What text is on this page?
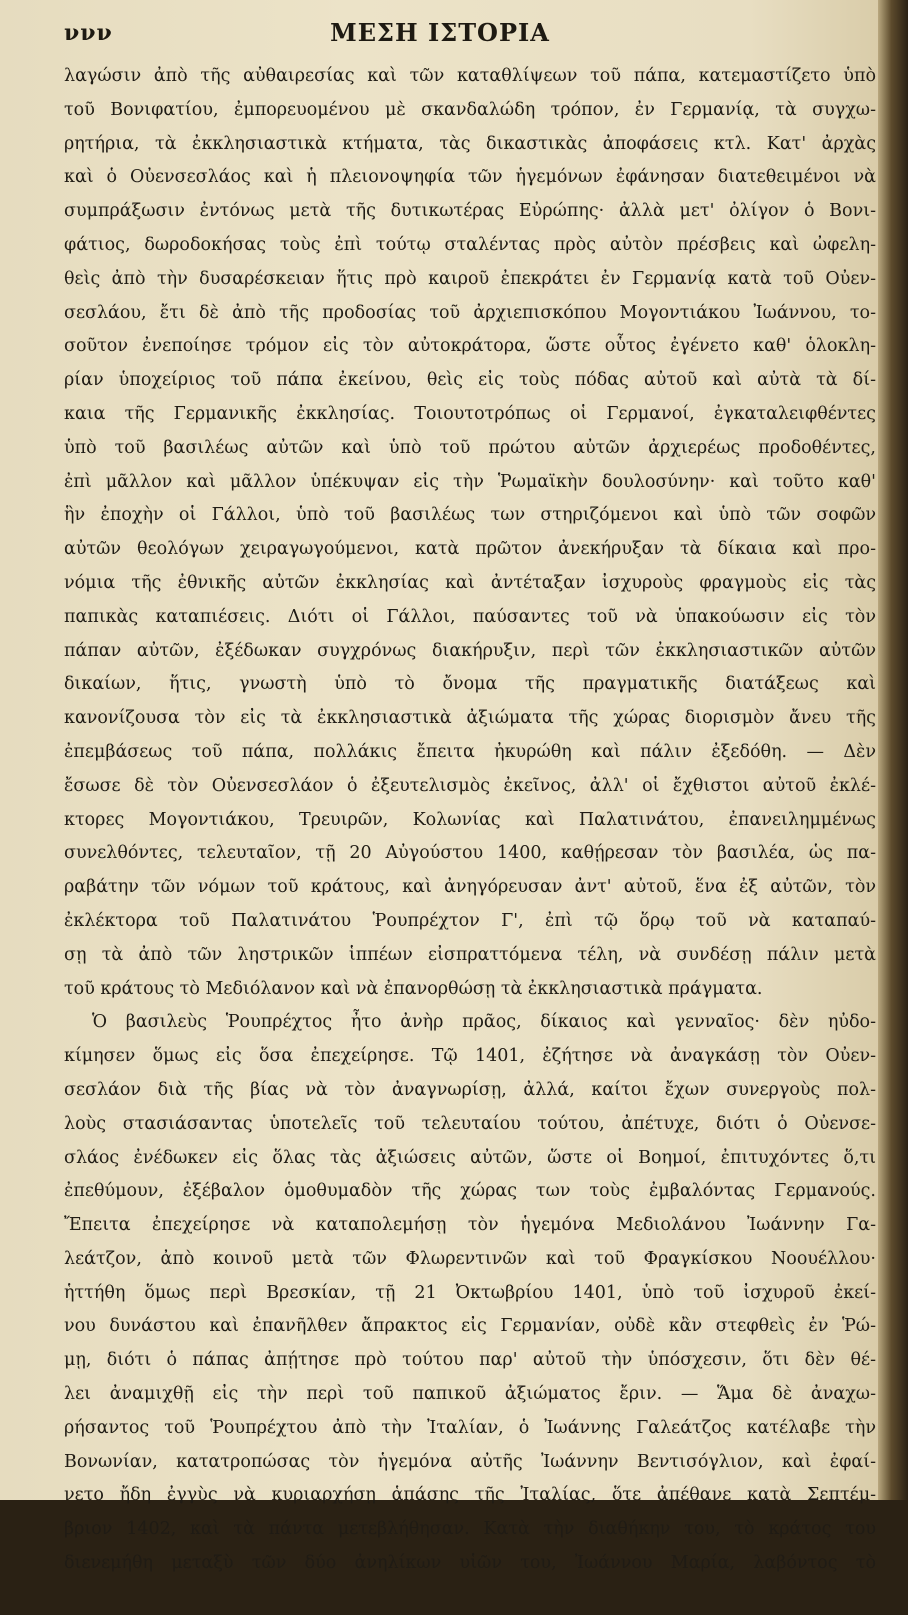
ννν	ΜΕΣΗ ΙΣΤΟΡΙΑ
λαγώσιν ἀπὸ τῆς αὐθαιρεσίας καὶ τῶν καταθλίψεων τοῦ πάπα, κατεμαστίζετο ὑπὸ
τοῦ Βονιφατίου, ἐμπορευομένου μὲ σκανδαλώδη τρόπον, ἐν Γερμανίᾳ, τὰ συγχω-
ρητήρια, τὰ ἐκκλησιαστικὰ κτήματα, τὰς δικαστικὰς ἀποφάσεις κτλ. Κατ' ἀρχὰς
καὶ ὁ Οὐενσεσλάος καὶ ἡ πλειονοψηφία τῶν ἡγεμόνων ἐφάνησαν διατεθειμένοι νὰ
συμπράξωσιν ἐντόνως μετὰ τῆς δυτικωτέρας Εὐρώπης· ἀλλὰ μετ' ὀλίγον ὁ Βονι-
φάτιος, δωροδοκήσας τοὺς ἐπὶ τούτῳ σταλέντας πρὸς αὐτὸν πρέσβεις καὶ ὠφελη-
θεὶς ἀπὸ τὴν δυσαρέσκειαν ἥτις πρὸ καιροῦ ἐπεκράτει ἐν Γερμανίᾳ κατὰ τοῦ Οὐεν-
σεσλάου, ἔτι δὲ ἀπὸ τῆς προδοσίας τοῦ ἀρχιεπισκόπου Μογοντιάκου Ἰωάννου, το-
σοῦτον ἐνεποίησε τρόμον εἰς τὸν αὐτοκράτορα, ὥστε οὗτος ἐγένετο καθ' ὁλοκλη-
ρίαν ὑποχείριος τοῦ πάπα ἐκείνου, θεὶς εἰς τοὺς πόδας αὐτοῦ καὶ αὐτὰ τὰ δί-
καια τῆς Γερμανικῆς ἐκκλησίας. Τοιουτοτρόπως οἱ Γερμανοί, ἐγκαταλειφθέντες
ὑπὸ τοῦ βασιλέως αὐτῶν καὶ ὑπὸ τοῦ πρώτου αὐτῶν ἀρχιερέως προδοθέντες,
ἐπὶ μᾶλλον καὶ μᾶλλον ὑπέκυψαν εἰς τὴν Ῥωμαϊκὴν δουλοσύνην· καὶ τοῦτο καθ'
ἣν ἐποχὴν οἱ Γάλλοι, ὑπὸ τοῦ βασιλέως των στηριζόμενοι καὶ ὑπὸ τῶν σοφῶν
αὐτῶν θεολόγων χειραγωγούμενοι, κατὰ πρῶτον ἀνεκήρυξαν τὰ δίκαια καὶ προ-
νόμια τῆς ἐθνικῆς αὐτῶν ἐκκλησίας καὶ ἀντέταξαν ἰσχυροὺς φραγμοὺς εἰς τὰς
παπικὰς καταπιέσεις. Διότι οἱ Γάλλοι, παύσαντες τοῦ νὰ ὑπακούωσιν εἰς τὸν
πάπαν αὐτῶν, ἐξέδωκαν συγχρόνως διακήρυξιν, περὶ τῶν ἐκκλησιαστικῶν αὐτῶν
δικαίων, ἥτις, γνωστὴ ὑπὸ τὸ ὄνομα τῆς πραγματικῆς διατάξεως καὶ
κανονίζουσα τὸν εἰς τὰ ἐκκλησιαστικὰ ἀξιώματα τῆς χώρας διορισμὸν ἄνευ τῆς
ἐπεμβάσεως τοῦ πάπα, πολλάκις ἔπειτα ἠκυρώθη καὶ πάλιν ἐξεδόθη. — Δὲν
ἔσωσε δὲ τὸν Οὐενσεσλάον ὁ ἐξευτελισμὸς ἐκεῖνος, ἀλλ' οἱ ἔχθιστοι αὐτοῦ ἐκλέ-
κτορες Μογοντιάκου, Τρευιρῶν, Κολωνίας καὶ Παλατινάτου, ἐπανειλημμένως
συνελθόντες, τελευταῖον, τῇ 20 Αὐγούστου 1400, καθῄρεσαν τὸν βασιλέα, ὡς πα-
ραβάτην τῶν νόμων τοῦ κράτους, καὶ ἀνηγόρευσαν ἀντ' αὐτοῦ, ἕνα ἐξ αὐτῶν, τὸν
ἐκλέκτορα τοῦ Παλατινάτου Ῥουπρέχτον Γ', ἐπὶ τῷ ὅρῳ τοῦ νὰ καταπαύ-
σῃ τὰ ἀπὸ τῶν ληστρικῶν ἱππέων εἰσπραττόμενα τέλη, νὰ συνδέσῃ πάλιν μετὰ
τοῦ κράτους τὸ Μεδιόλανον καὶ νὰ ἐπανορθώσῃ τὰ ἐκκλησιαστικὰ πράγματα.
Ὁ βασιλεὺς Ῥουπρέχτος ἦτο ἀνὴρ πρᾶος, δίκαιος καὶ γενναῖος· δὲν ηὐδο-
κίμησεν ὅμως εἰς ὅσα ἐπεχείρησε. Τῷ 1401, ἐζήτησε νὰ ἀναγκάσῃ τὸν Οὐεν-
σεσλάον διὰ τῆς βίας νὰ τὸν ἀναγνωρίσῃ, ἀλλά, καίτοι ἔχων συνεργοὺς πολ-
λοὺς στασιάσαντας ὑποτελεῖς τοῦ τελευταίου τούτου, ἀπέτυχε, διότι ὁ Οὐενσε-
σλάος ἐνέδωκεν εἰς ὅλας τὰς ἀξιώσεις αὐτῶν, ὥστε οἱ Βοημοί, ἐπιτυχόντες ὅ,τι
ἐπεθύμουν, ἐξέβαλον ὁμοθυμαδὸν τῆς χώρας των τοὺς ἐμβαλόντας Γερμανούς.
Ἔπειτα ἐπεχείρησε νὰ καταπολεμήσῃ τὸν ἡγεμόνα Μεδιολάνου Ἰωάννην Γα-
λεάτζον, ἀπὸ κοινοῦ μετὰ τῶν Φλωρεντινῶν καὶ τοῦ Φραγκίσκου Νοουέλλου·
ἡττήθη ὅμως περὶ Βρεσκίαν, τῇ 21 Ὀκτωβρίου 1401, ὑπὸ τοῦ ἰσχυροῦ ἐκεί-
νου δυνάστου καὶ ἐπανῆλθεν ἄπρακτος εἰς Γερμανίαν, οὐδὲ κἂν στεφθεὶς ἐν Ῥώ-
μῃ, διότι ὁ πάπας ἀπῄτησε πρὸ τούτου παρ' αὐτοῦ τὴν ὑπόσχεσιν, ὅτι δὲν θέ-
λει ἀναμιχθῇ εἰς τὴν περὶ τοῦ παπικοῦ ἀξιώματος ἔριν. — Ἅμα δὲ ἀναχω-
ρήσαντος τοῦ Ῥουπρέχτου ἀπὸ τὴν Ἰταλίαν, ὁ Ἰωάννης Γαλεάτζος κατέλαβε τὴν
Βονωνίαν, κατατροπώσας τὸν ἡγεμόνα αὐτῆς Ἰωάννην Βεντισόγλιον, καὶ ἐφαί-
νετο ἤδη ἐγγὺς νὰ κυριαρχήσῃ ἁπάσης τῆς Ἰταλίας, ὅτε ἀπέθανε κατὰ Σεπτέμ-
βριον 1402, καὶ τὰ πάντα μετεβλήθησαν. Κατὰ τὴν διαθήκην του, τὸ κράτος του
διενεμήθη μεταξὺ τῶν δύο ἀνηλίκων υἱῶν του, Ἰωάννου Μαρία, λαβόντος τὸ
